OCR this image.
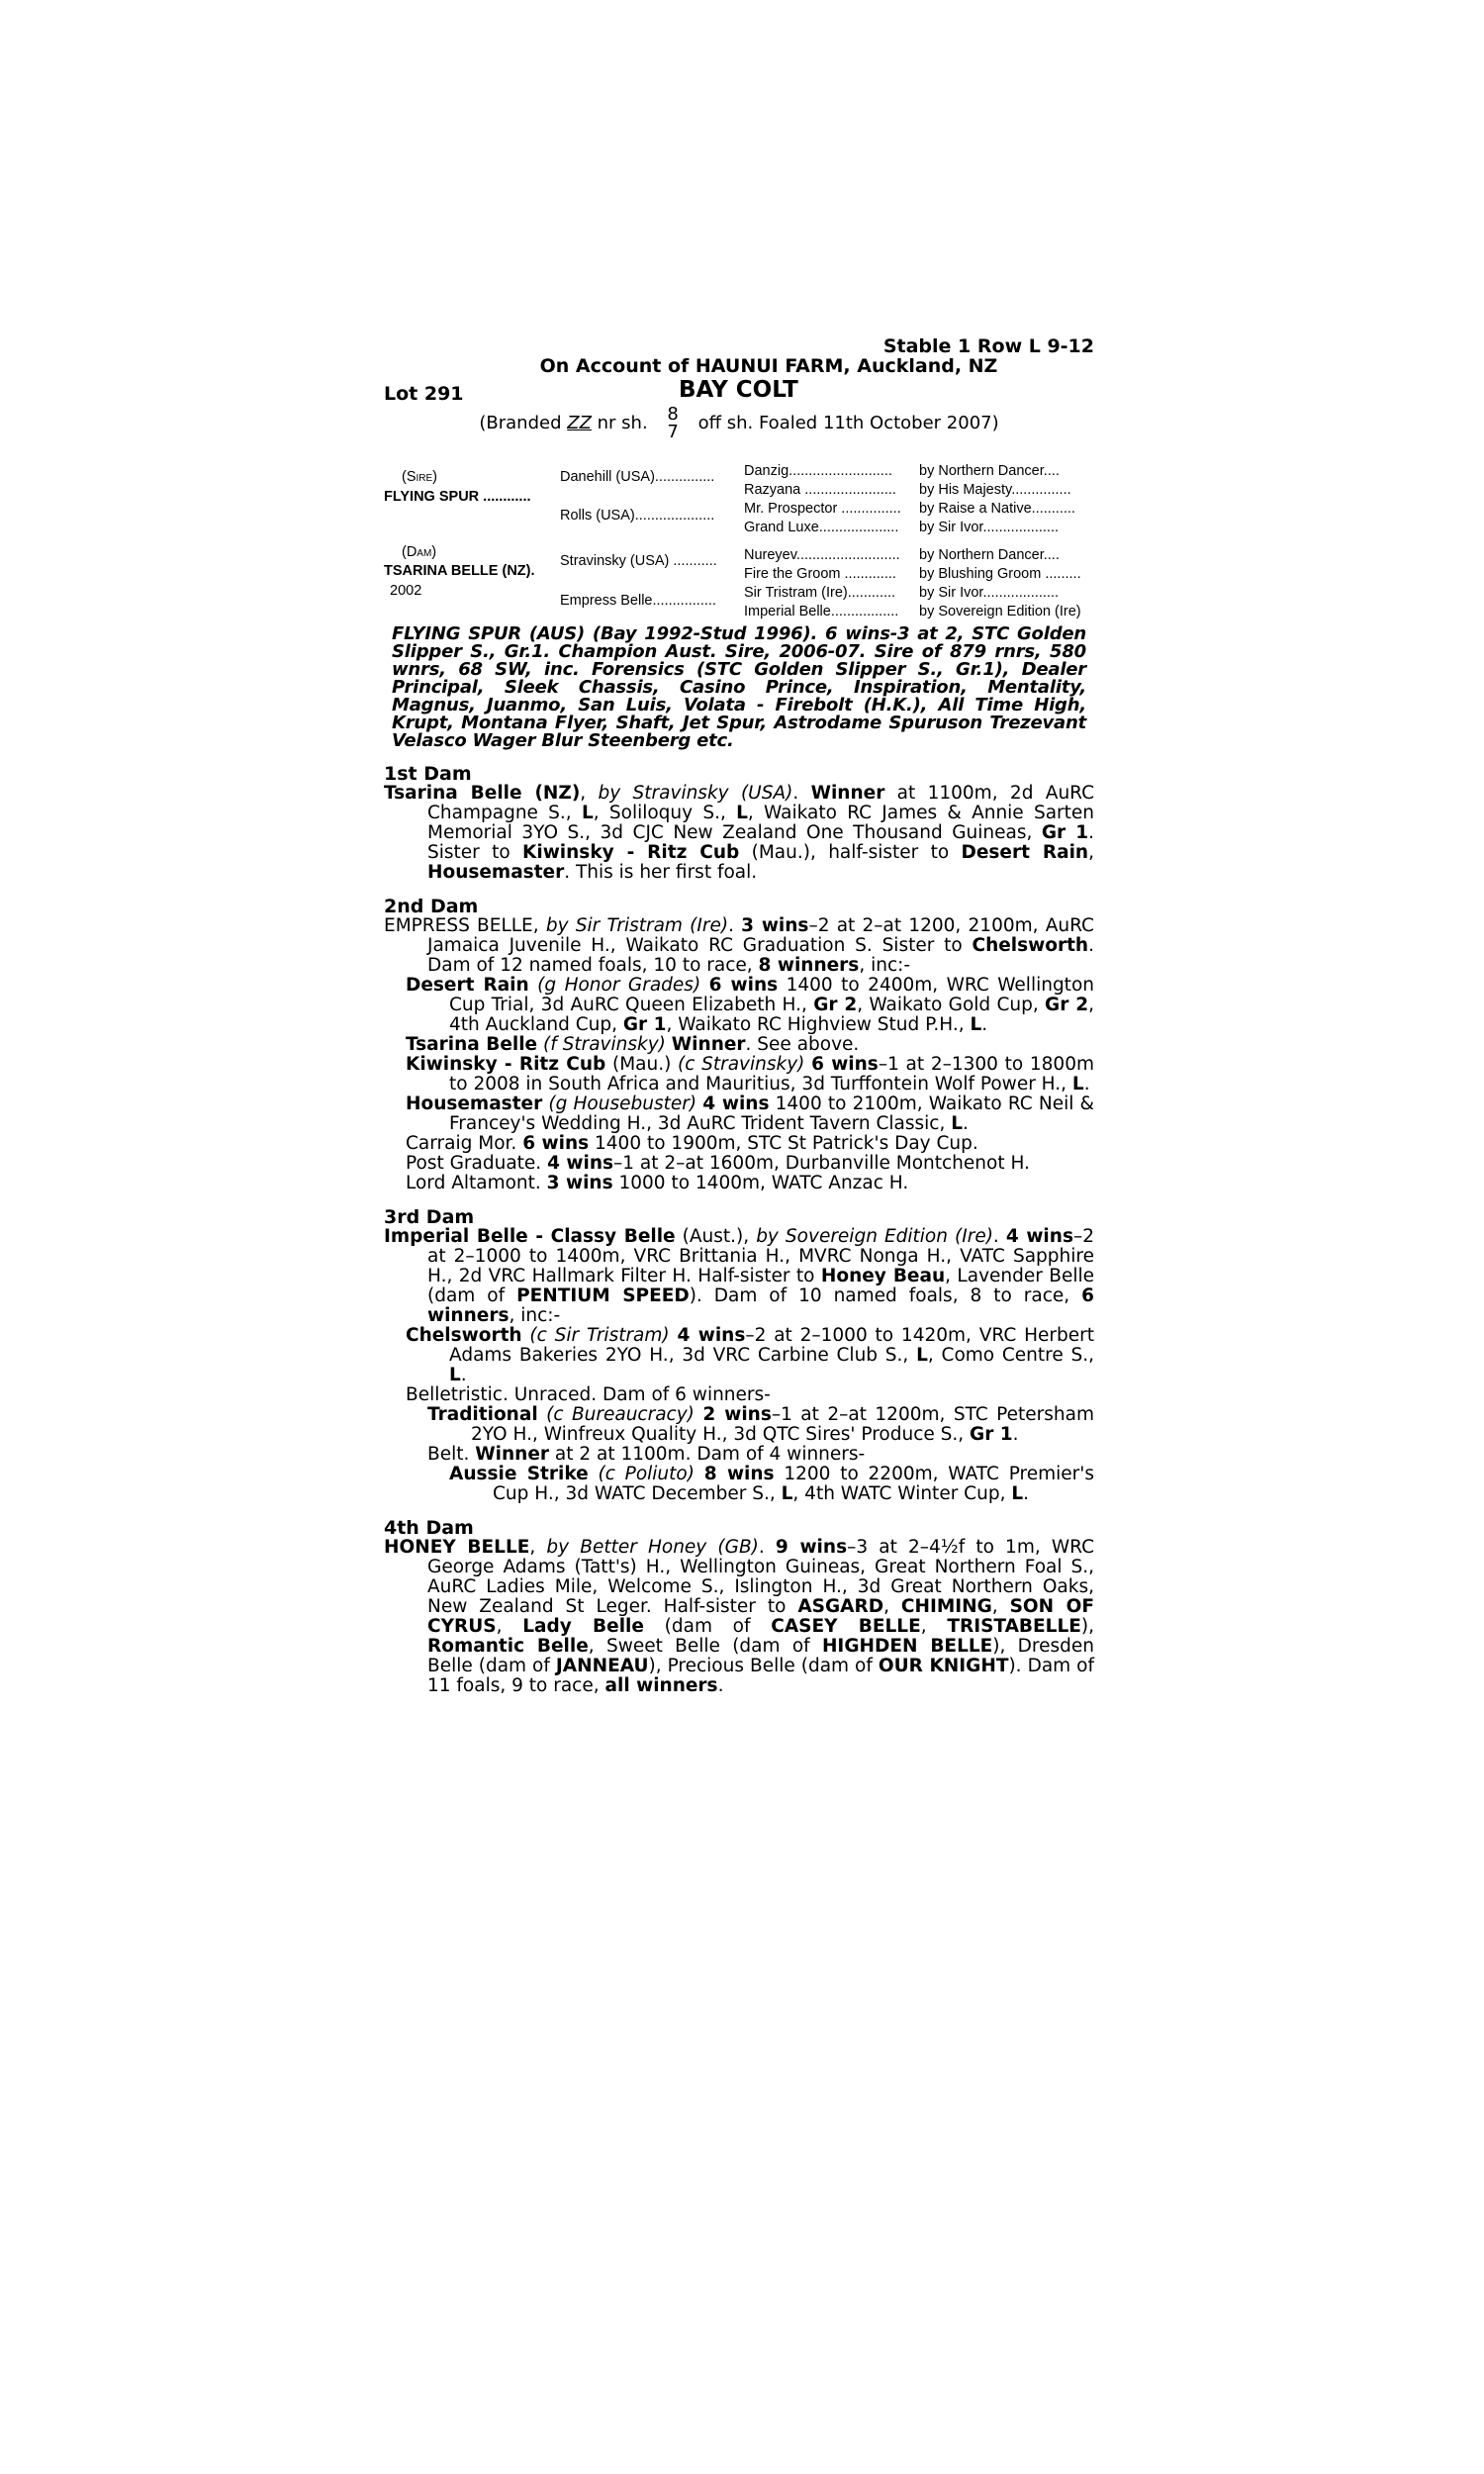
Stable 1 Row L 9-12
On Account of HAUNUI FARM, Auckland, NZ
Lot 291	BAY COLT
(Branded ZZ nr sh. 8
7 off sh. Foaled 11th October 2007)
(Sire)
FLYING SPUR ............
(Dam)
TSARINA BELLE (NZ).
2002
Danehill (USA)...............
Rolls (USA)....................
Stravinsky (USA) ...........
Empress Belle................
Danzig..........................
Razyana .......................
Mr. Prospector ...............
Grand Luxe....................
Nureyev..........................
Fire the Groom .............
Sir Tristram (Ire)............
Imperial Belle.................
by Northern Dancer....
by His Majesty...............
by Raise a Native...........
by Sir Ivor...................
by Northern Dancer....
by Blushing Groom .........
by Sir Ivor...................
by Sovereign Edition (Ire)
FLYING SPUR (AUS) (Bay 1992-Stud 1996). 6 wins-3 at 2, STC Golden Slipper S., Gr.1. Champion Aust. Sire, 2006-07. Sire of 879 rnrs, 580 wnrs, 68 SW, inc. Forensics (STC Golden Slipper S., Gr.1), Dealer Principal, Sleek Chassis, Casino Prince, Inspiration, Mentality, Magnus, Juanmo, San Luis, Volata - Firebolt (H.K.), All Time High, Krupt, Montana Flyer, Shaft, Jet Spur, Astrodame Spuruson Trezevant Velasco Wager Blur Steenberg etc.
1st Dam

Tsarina Belle (NZ), by Stravinsky (USA). Winner at 1100m, 2d AuRC Champagne S., L, Soliloquy S., L, Waikato RC James & Annie Sarten Memorial 3YO S., 3d CJC New Zealand One Thousand Guineas, Gr 1. Sister to Kiwinsky - Ritz Cub (Mau.), half-sister to Desert Rain, Housemaster. This is her first foal.

2nd Dam

EMPRESS BELLE, by Sir Tristram (Ire). 3 wins–2 at 2–at 1200, 2100m, AuRC Jamaica Juvenile H., Waikato RC Graduation S. Sister to Chelsworth. Dam of 12 named foals, 10 to race, 8 winners, inc:-

Desert Rain (g Honor Grades) 6 wins 1400 to 2400m, WRC Wellington Cup Trial, 3d AuRC Queen Elizabeth H., Gr 2, Waikato Gold Cup, Gr 2, 4th Auckland Cup, Gr 1, Waikato RC Highview Stud P.H., L.

Tsarina Belle (f Stravinsky) Winner. See above.

Kiwinsky - Ritz Cub (Mau.) (c Stravinsky) 6 wins–1 at 2–1300 to 1800m to 2008 in South Africa and Mauritius, 3d Turffontein Wolf Power H., L.

Housemaster (g Housebuster) 4 wins 1400 to 2100m, Waikato RC Neil & Francey's Wedding H., 3d AuRC Trident Tavern Classic, L.

Carraig Mor. 6 wins 1400 to 1900m, STC St Patrick's Day Cup.

Post Graduate. 4 wins–1 at 2–at 1600m, Durbanville Montchenot H.

Lord Altamont. 3 wins 1000 to 1400m, WATC Anzac H.

3rd Dam

Imperial Belle - Classy Belle (Aust.), by Sovereign Edition (Ire). 4 wins–2 at 2–1000 to 1400m, VRC Brittania H., MVRC Nonga H., VATC Sapphire H., 2d VRC Hallmark Filter H. Half-sister to Honey Beau, Lavender Belle (dam of PENTIUM SPEED). Dam of 10 named foals, 8 to race, 6 winners, inc:-

Chelsworth (c Sir Tristram) 4 wins–2 at 2–1000 to 1420m, VRC Herbert Adams Bakeries 2YO H., 3d VRC Carbine Club S., L, Como Centre S., L.

Belletristic. Unraced. Dam of 6 winners-

Traditional (c Bureaucracy) 2 wins–1 at 2–at 1200m, STC Petersham 2YO H., Winfreux Quality H., 3d QTC Sires' Produce S., Gr 1.

Belt. Winner at 2 at 1100m. Dam of 4 winners-

Aussie Strike (c Poliuto) 8 wins 1200 to 2200m, WATC Premier's Cup H., 3d WATC December S., L, 4th WATC Winter Cup, L.

4th Dam

HONEY BELLE, by Better Honey (GB). 9 wins–3 at 2–4½f to 1m, WRC George Adams (Tatt's) H., Wellington Guineas, Great Northern Foal S., AuRC Ladies Mile, Welcome S., Islington H., 3d Great Northern Oaks, New Zealand St Leger. Half-sister to ASGARD, CHIMING, SON OF CYRUS, Lady Belle (dam of CASEY BELLE, TRISTABELLE), Romantic Belle, Sweet Belle (dam of HIGHDEN BELLE), Dresden Belle (dam of JANNEAU), Precious Belle (dam of OUR KNIGHT). Dam of 11 foals, 9 to race, all winners.
